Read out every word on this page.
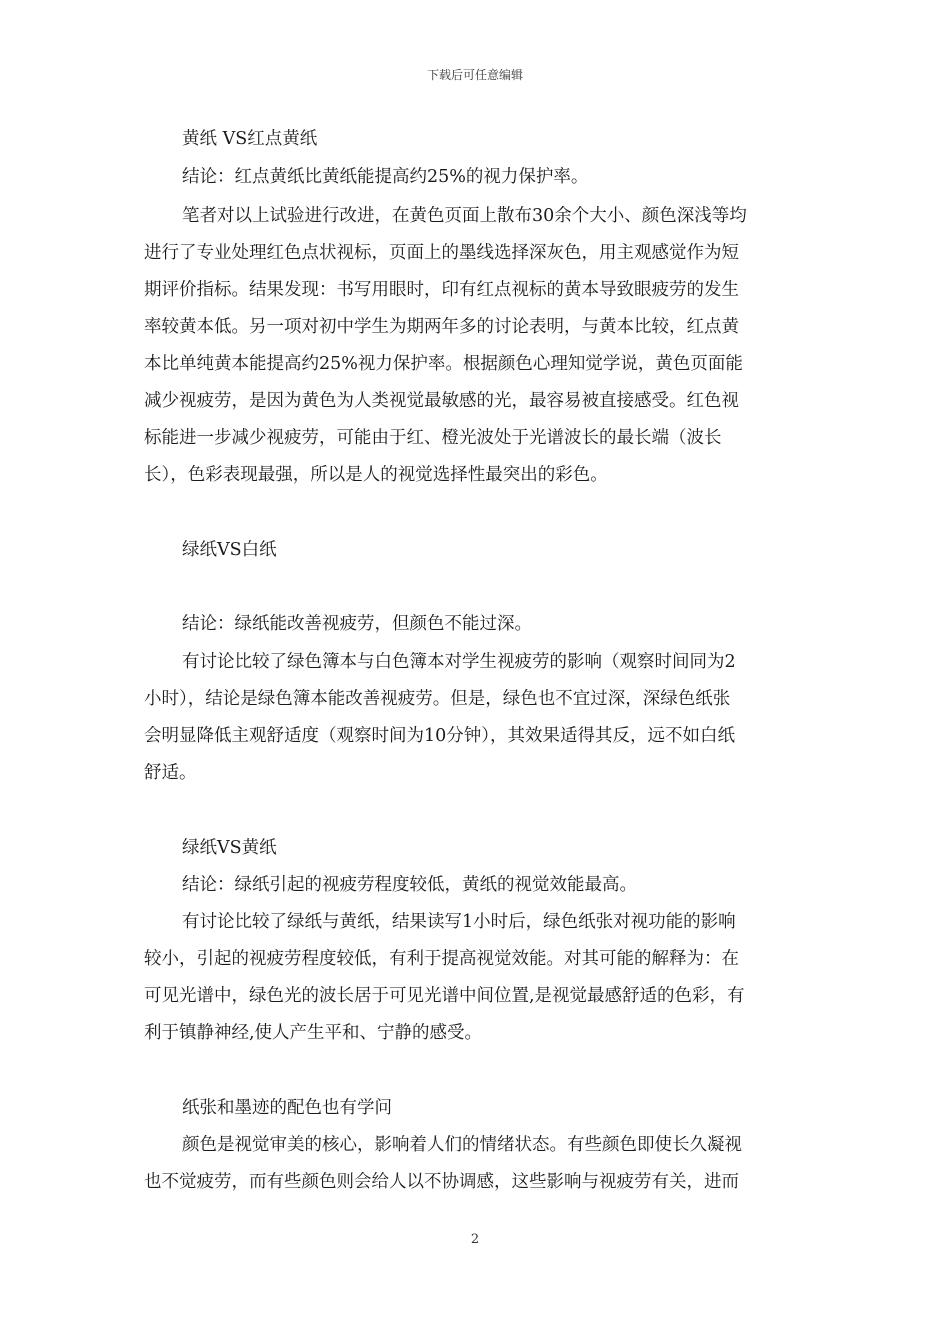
下载后可任意编辑
黄纸 VS红点黄纸
结论：红点黄纸比黄纸能提高约25%的视力保护率。
笔者对以上试验进行改进，在黄色页面上散布30余个大小、颜色深浅等均
进行了专业处理红色点状视标，页面上的墨线选择深灰色，用主观感觉作为短
期评价指标。结果发现：书写用眼时，印有红点视标的黄本导致眼疲劳的发生
率较黄本低。另一项对初中学生为期两年多的讨论表明，与黄本比较，红点黄
本比单纯黄本能提高约25%视力保护率。根据颜色心理知觉学说，黄色页面能
减少视疲劳，是因为黄色为人类视觉最敏感的光，最容易被直接感受。红色视
标能进一步减少视疲劳，可能由于红、橙光波处于光谱波长的最长端（波长
长），色彩表现最强，所以是人的视觉选择性最突出的彩色。
绿纸VS白纸
结论：绿纸能改善视疲劳，但颜色不能过深。
有讨论比较了绿色簿本与白色簿本对学生视疲劳的影响（观察时间同为2
小时），结论是绿色簿本能改善视疲劳。但是，绿色也不宜过深，深绿色纸张
会明显降低主观舒适度（观察时间为10分钟），其效果适得其反，远不如白纸
舒适。
绿纸VS黄纸
结论：绿纸引起的视疲劳程度较低，黄纸的视觉效能最高。
有讨论比较了绿纸与黄纸，结果读写1小时后，绿色纸张对视功能的影响
较小，引起的视疲劳程度较低，有利于提高视觉效能。对其可能的解释为：在
可见光谱中，绿色光的波长居于可见光谱中间位置,是视觉最感舒适的色彩，有
利于镇静神经,使人产生平和、宁静的感受。
纸张和墨迹的配色也有学问
颜色是视觉审美的核心，影响着人们的情绪状态。有些颜色即使长久凝视
也不觉疲劳，而有些颜色则会给人以不协调感，这些影响与视疲劳有关，进而
2
